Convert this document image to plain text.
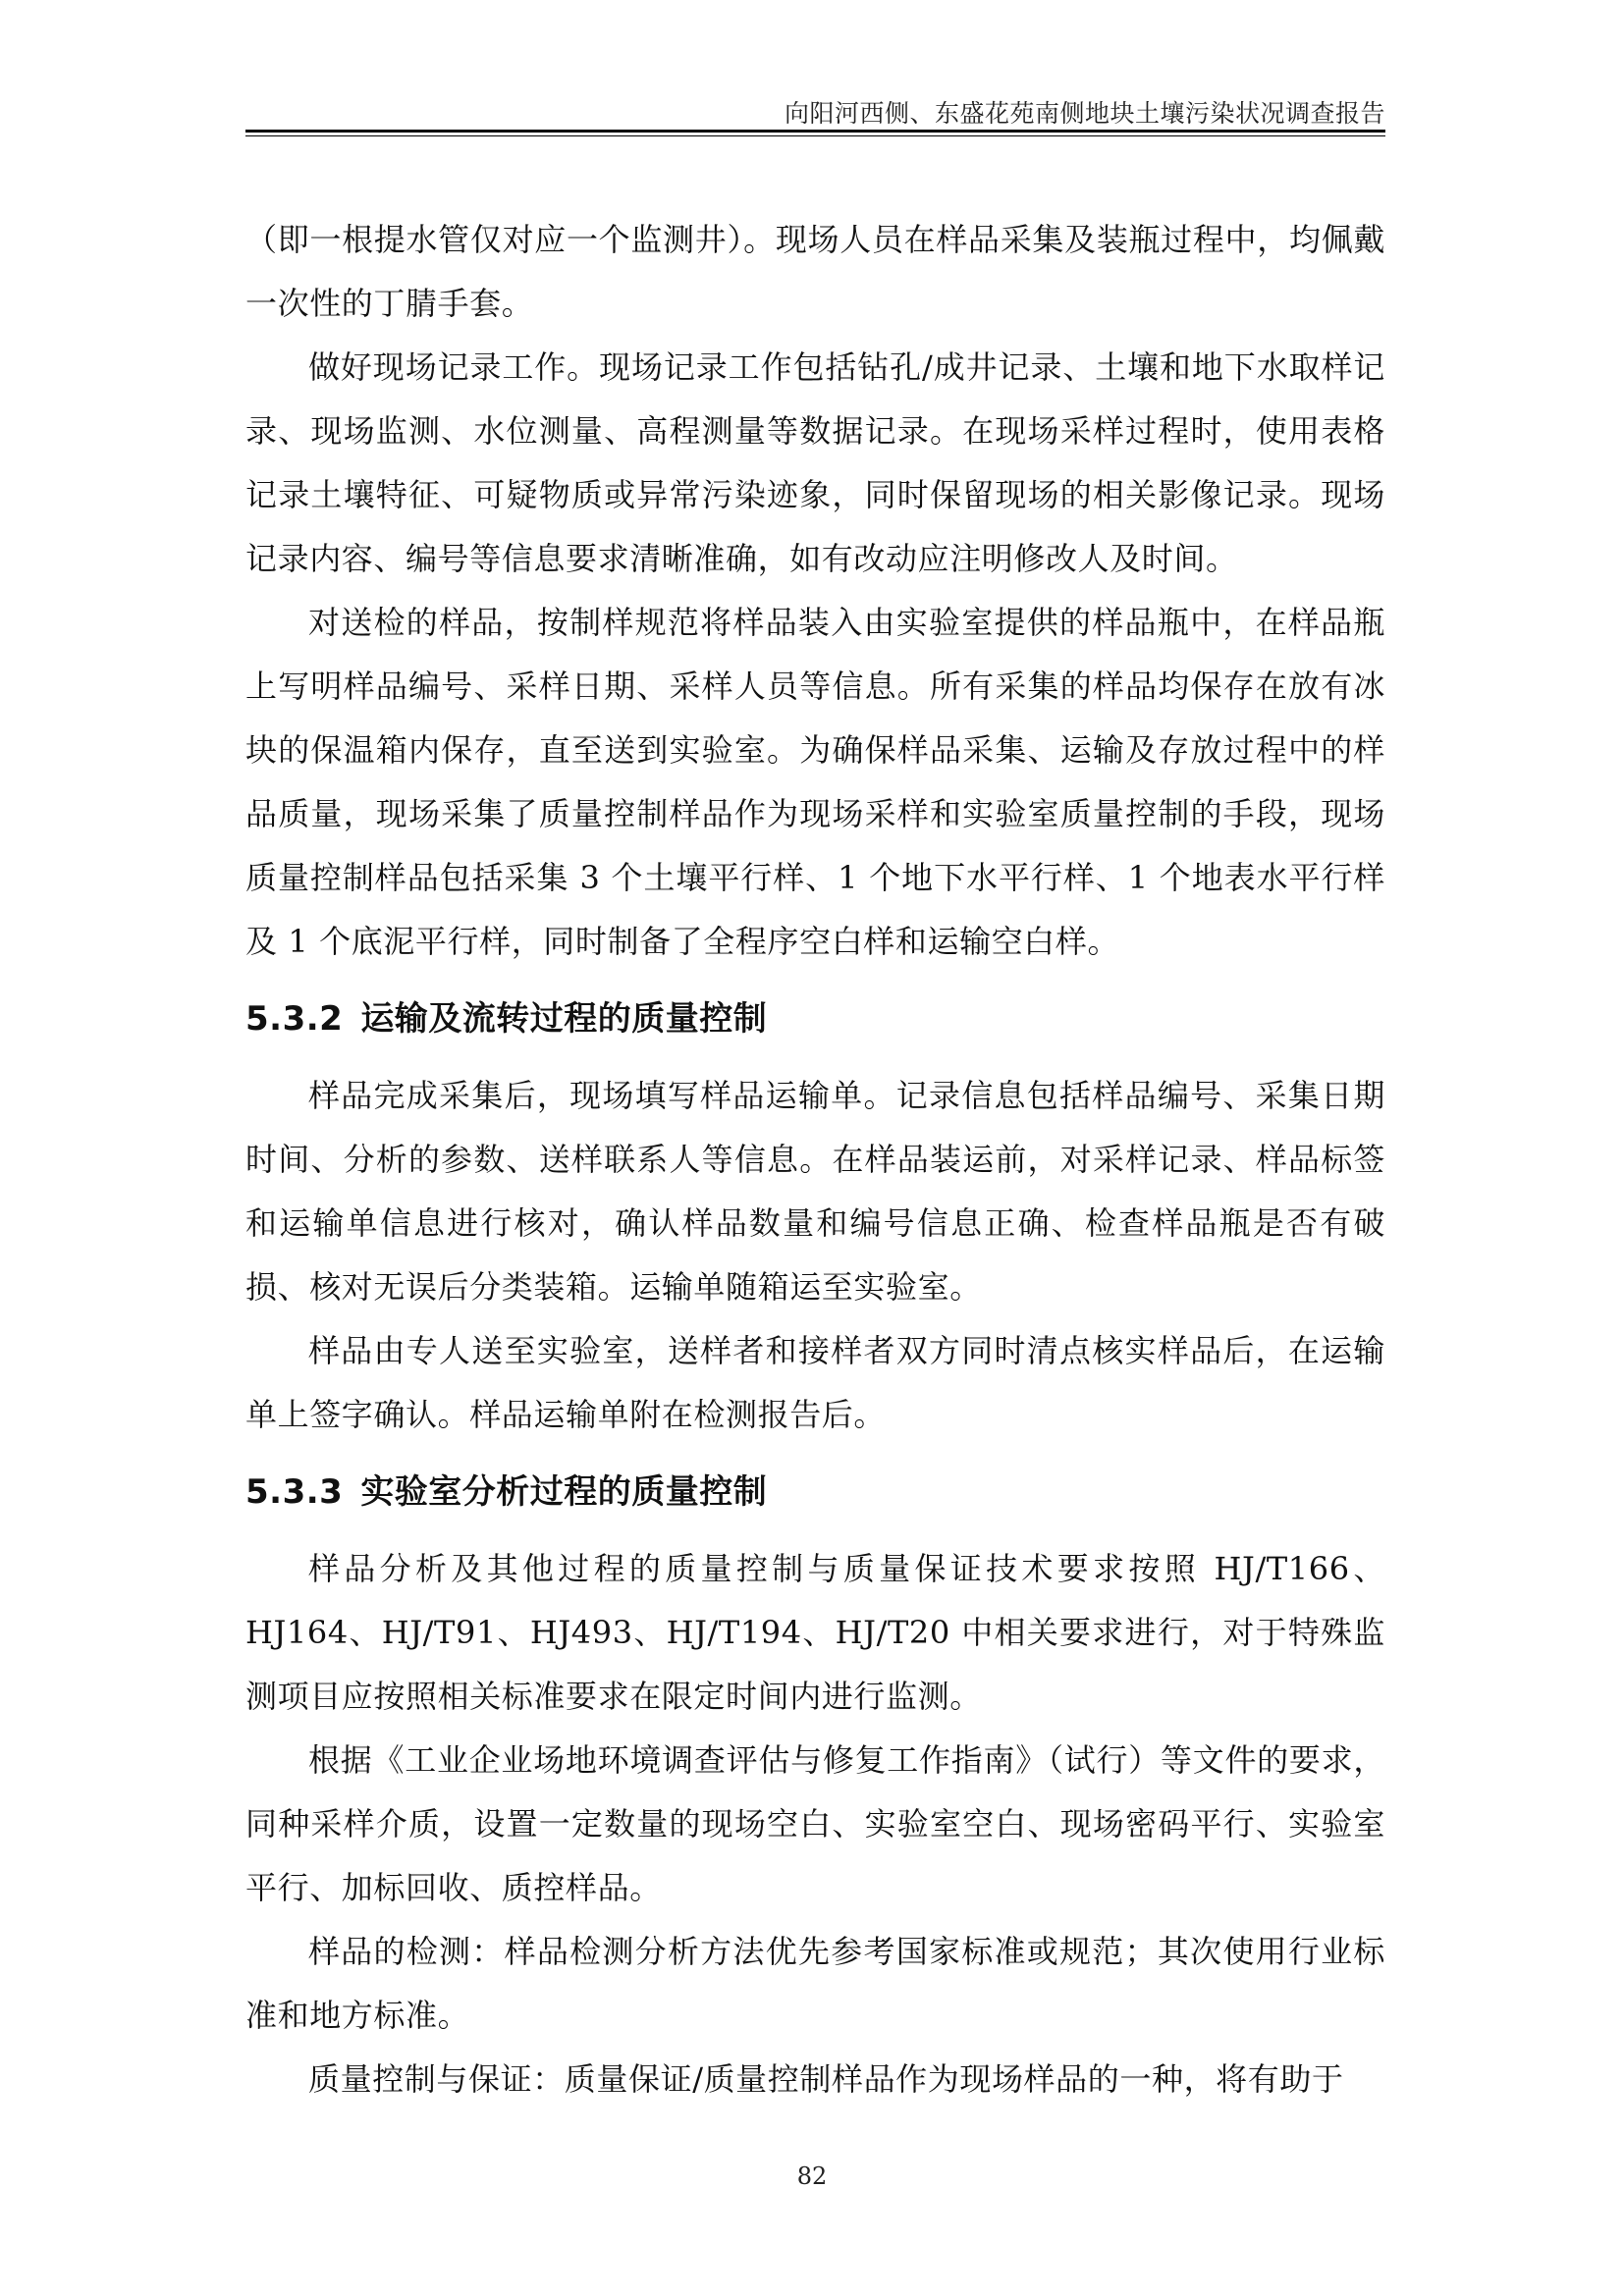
向阳河西侧、东盛花苑南侧地块土壤污染状况调查报告

（即一根提水管仅对应一个监测井）。现场人员在样品采集及装瓶过程中，均佩戴一次性的丁腈手套。

做好现场记录工作。现场记录工作包括钻孔/成井记录、土壤和地下水取样记录、现场监测、水位测量、高程测量等数据记录。在现场采样过程时，使用表格记录土壤特征、可疑物质或异常污染迹象，同时保留现场的相关影像记录。现场记录内容、编号等信息要求清晰准确，如有改动应注明修改人及时间。

对送检的样品，按制样规范将样品装入由实验室提供的样品瓶中，在样品瓶上写明样品编号、采样日期、采样人员等信息。所有采集的样品均保存在放有冰块的保温箱内保存，直至送到实验室。为确保样品采集、运输及存放过程中的样品质量，现场采集了质量控制样品作为现场采样和实验室质量控制的手段，现场质量控制样品包括采集 3 个土壤平行样、1 个地下水平行样、1 个地表水平行样及 1 个底泥平行样，同时制备了全程序空白样和运输空白样。

5.3.2 运输及流转过程的质量控制

样品完成采集后，现场填写样品运输单。记录信息包括样品编号、采集日期时间、分析的参数、送样联系人等信息。在样品装运前，对采样记录、样品标签和运输单信息进行核对，确认样品数量和编号信息正确、检查样品瓶是否有破损、核对无误后分类装箱。运输单随箱运至实验室。

样品由专人送至实验室，送样者和接样者双方同时清点核实样品后，在运输单上签字确认。样品运输单附在检测报告后。

5.3.3 实验室分析过程的质量控制

样品分析及其他过程的质量控制与质量保证技术要求按照 HJ/T166、HJ164、HJ/T91、HJ493、HJ/T194、HJ/T20 中相关要求进行，对于特殊监测项目应按照相关标准要求在限定时间内进行监测。

根据《工业企业场地环境调查评估与修复工作指南》（试行）等文件的要求，同种采样介质，设置一定数量的现场空白、实验室空白、现场密码平行、实验室平行、加标回收、质控样品。

样品的检测：样品检测分析方法优先参考国家标准或规范；其次使用行业标准和地方标准。

质量控制与保证：质量保证/质量控制样品作为现场样品的一种，将有助于

82
